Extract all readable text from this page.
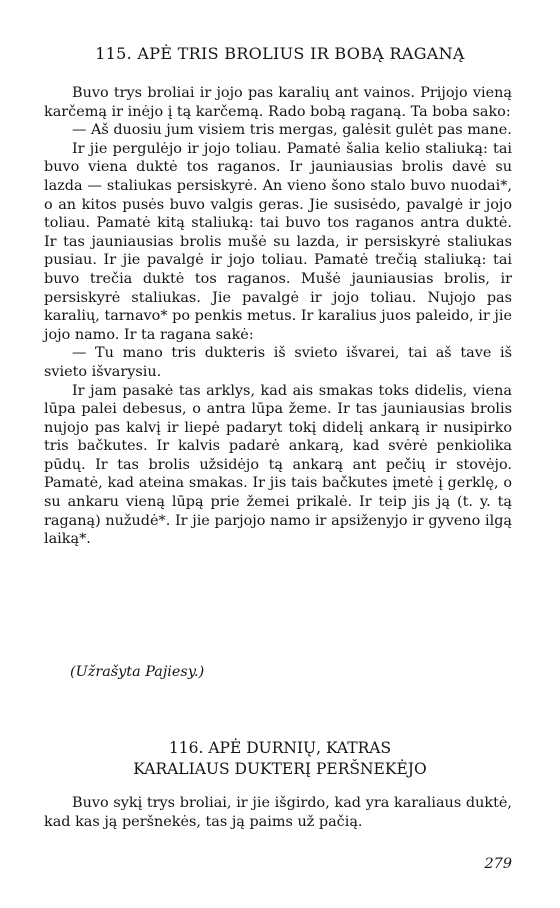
115. APĖ TRIS BROLIUS IR BOBĄ RAGANĄ

Buvo trys broliai ir jojo pas karalių ant vainos. Prijojo vieną karčemą ir inėjo į tą karčemą. Rado bobą raganą. Ta boba sako:

— Aš duosiu jum visiem tris mergas, galėsit gulėt pas mane.

Ir jie pergulėjo ir jojo toliau. Pamatė šalia kelio staliuką: tai buvo viena duktė tos raganos. Ir jauniausias brolis davė su lazda — staliukas persiskyrė. An vieno šono stalo buvo nuodai*, o an kitos pusės buvo valgis geras. Jie susisėdo, pavalgė ir jojo toliau. Pamatė kitą staliuką: tai buvo tos raganos antra duktė. Ir tas jauniausias brolis mušė su lazda, ir persiskyrė staliukas pusiau. Ir jie pavalgė ir jojo toliau. Pamatė trečią staliuką: tai buvo trečia duktė tos raganos. Mušė jauniausias brolis, ir persiskyrė staliukas. Jie pavalgė ir jojo toliau. Nujojo pas karalių, tarnavo* po penkis metus. Ir karalius juos paleido, ir jie jojo namo. Ir ta ragana sakė:

— Tu mano tris dukteris iš svieto išvarei, tai aš tave iš svieto išvarysiu.

Ir jam pasakė tas arklys, kad ais smakas toks didelis, viena lūpa palei debesus, o antra lūpa žeme. Ir tas jauniausias brolis nujojo pas kalvį ir liepė padaryt tokį didelį ankarą ir nusipirko tris bačkutes. Ir kalvis padarė ankarą, kad svėrė penkiolika pūdų. Ir tas brolis užsidėjo tą ankarą ant pečių ir stovėjo. Pamatė, kad ateina smakas. Ir jis tais bačkutes įmetė į gerklę, o su ankaru vieną lūpą prie žemei prikalė. Ir teip jis ją (t. y. tą raganą) nužudė*. Ir jie parjojo namo ir apsiženyjo ir gyveno ilgą laiką*.

(Užrašyta Pajiesy.)
116. APĖ DURNIŲ, KATRAS
KARALIAUS DUKTERĮ PERŠNEKĖJO

Buvo sykį trys broliai, ir jie išgirdo, kad yra karaliaus duktė, kad kas ją peršnekės, tas ją paims už pačią.

279
